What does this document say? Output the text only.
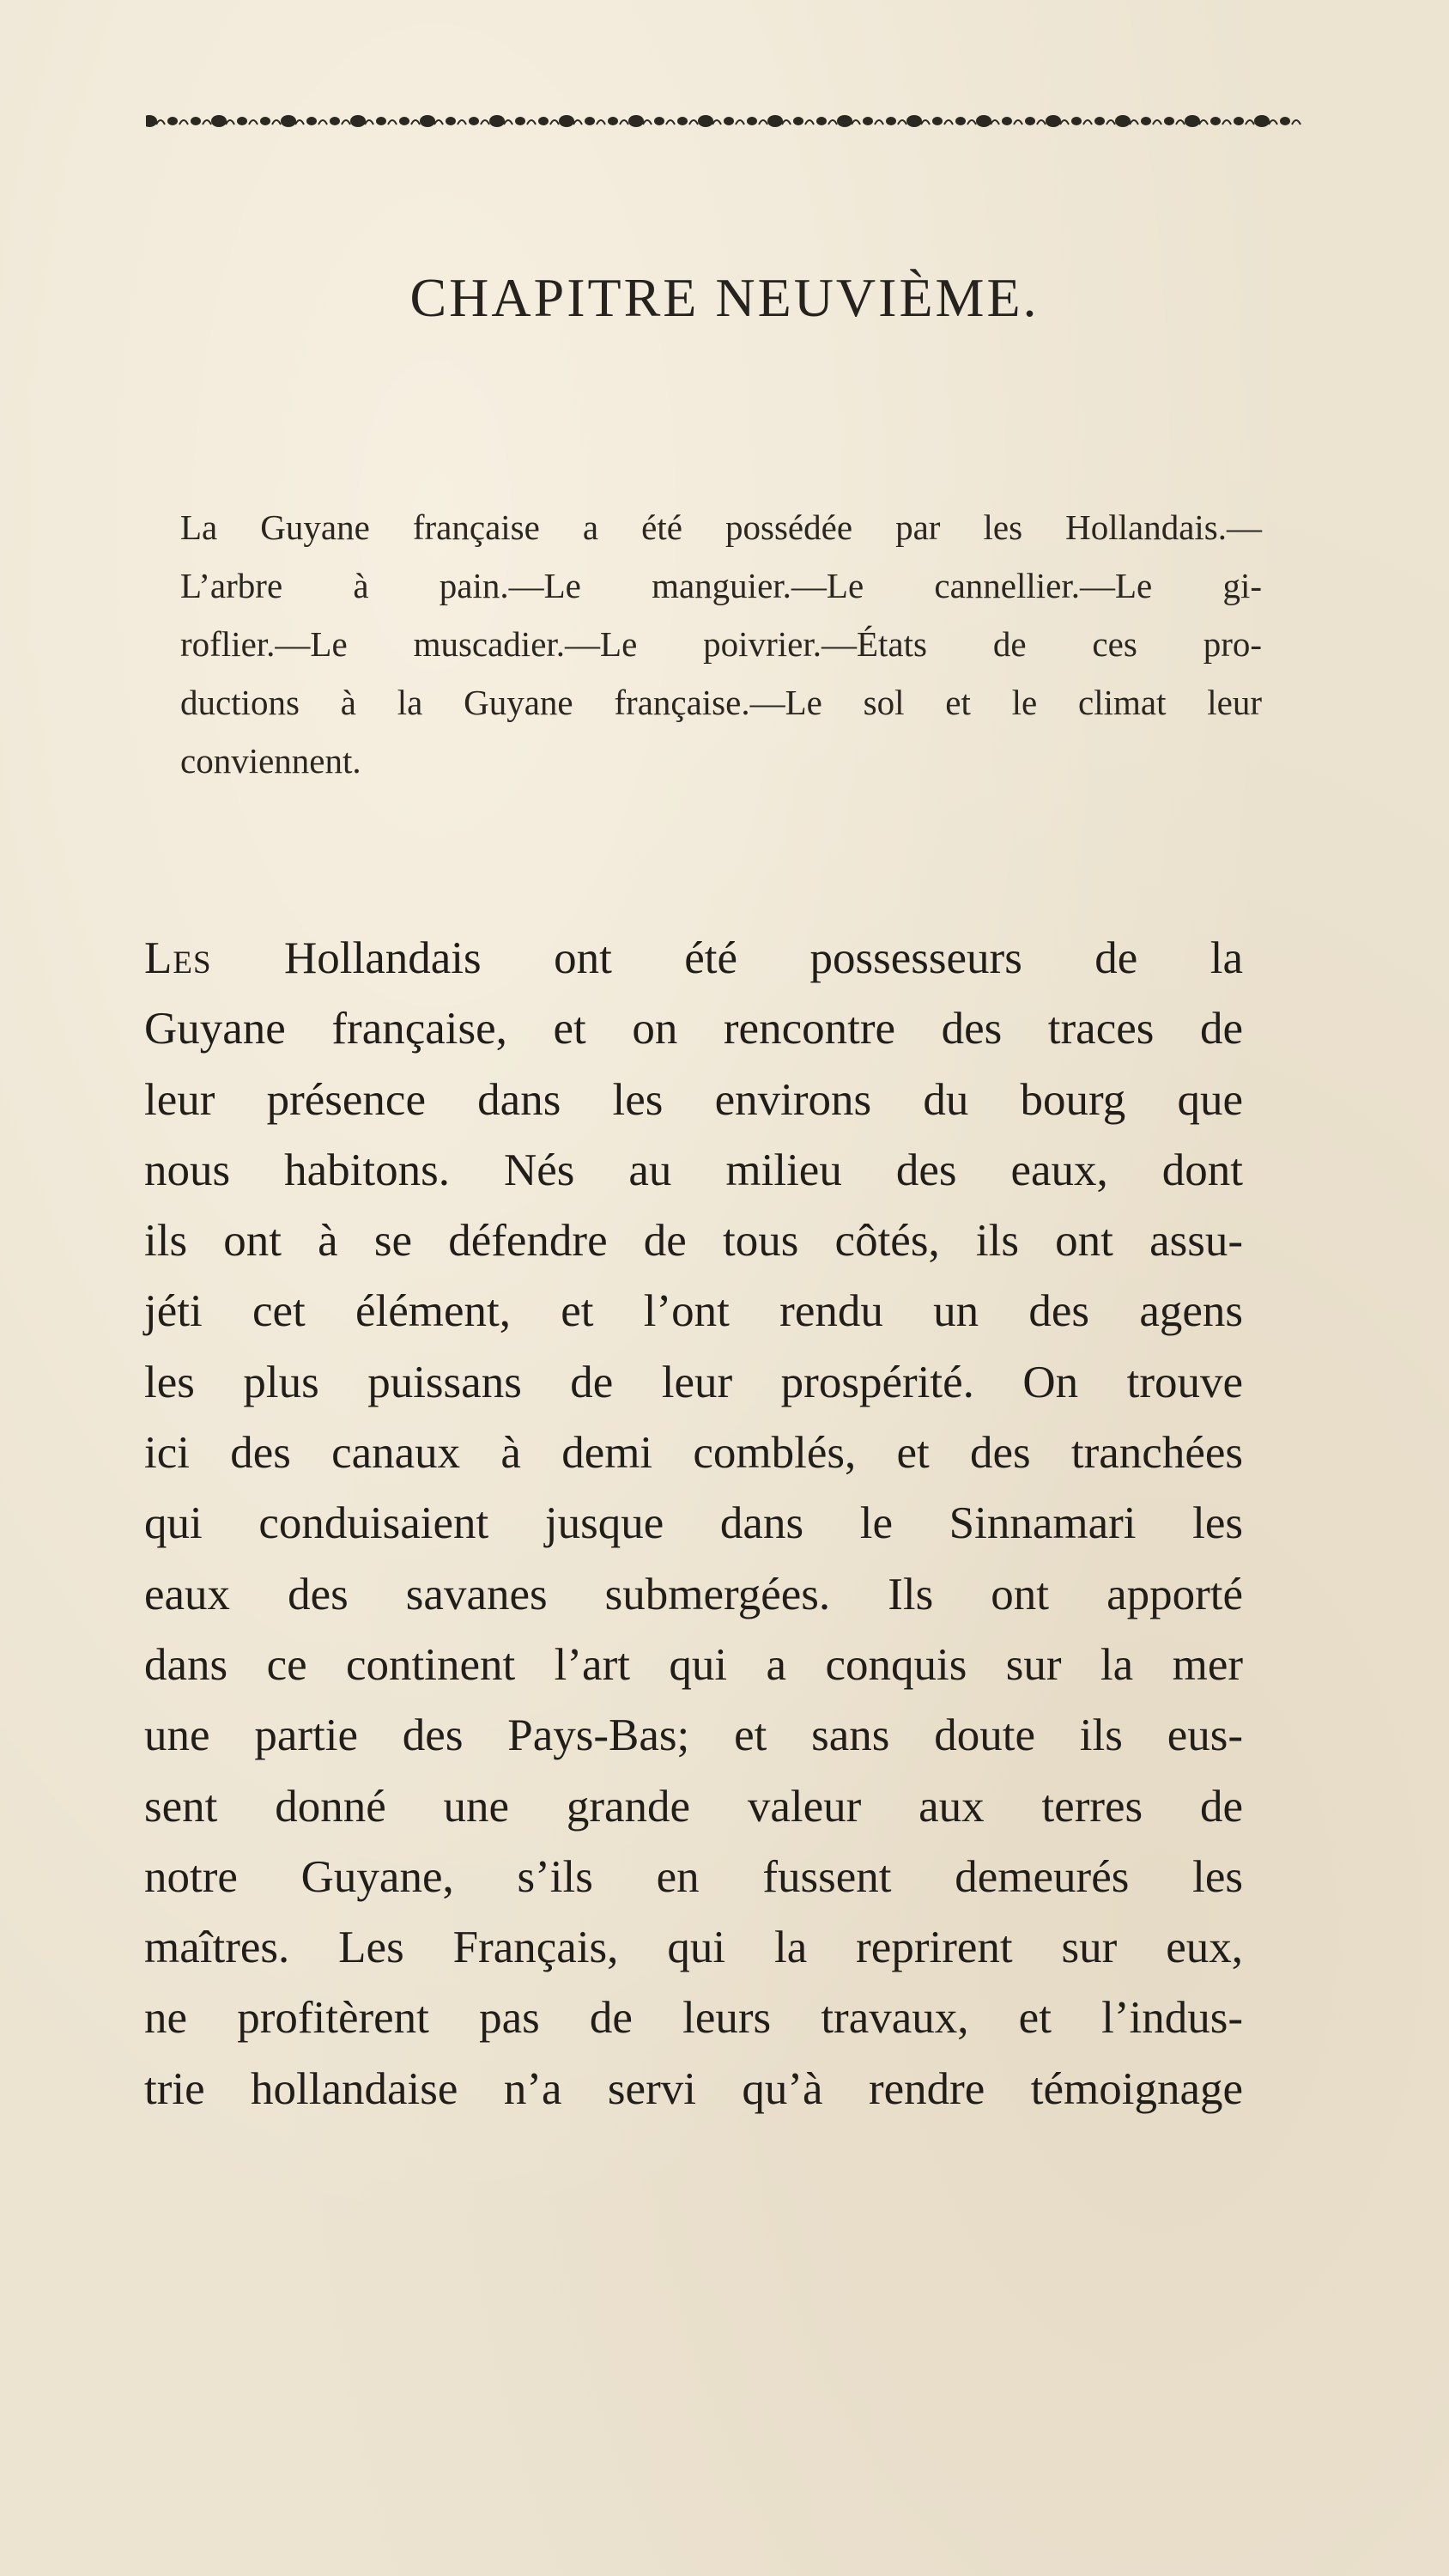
CHAPITRE NEUVIÈME.
La Guyane française a été possédée par les Hollandais.—
L’arbre à pain.—Le manguier.—Le cannellier.—Le gi-
roflier.—Le muscadier.—Le poivrier.—États de ces pro-
ductions à la Guyane française.—Le sol et le climat leur
conviennent.
Les Hollandais ont été possesseurs de la
Guyane française, et on rencontre des traces de
leur présence dans les environs du bourg que
nous habitons. Nés au milieu des eaux, dont
ils ont à se défendre de tous côtés, ils ont assu-
jéti cet élément, et l’ont rendu un des agens
les plus puissans de leur prospérité. On trouve
ici des canaux à demi comblés, et des tranchées
qui conduisaient jusque dans le Sinnamari les
eaux des savanes submergées. Ils ont apporté
dans ce continent l’art qui a conquis sur la mer
une partie des Pays-Bas; et sans doute ils eus-
sent donné une grande valeur aux terres de
notre Guyane, s’ils en fussent demeurés les
maîtres. Les Français, qui la reprirent sur eux,
ne profitèrent pas de leurs travaux, et l’indus-
trie hollandaise n’a servi qu’à rendre témoignage
